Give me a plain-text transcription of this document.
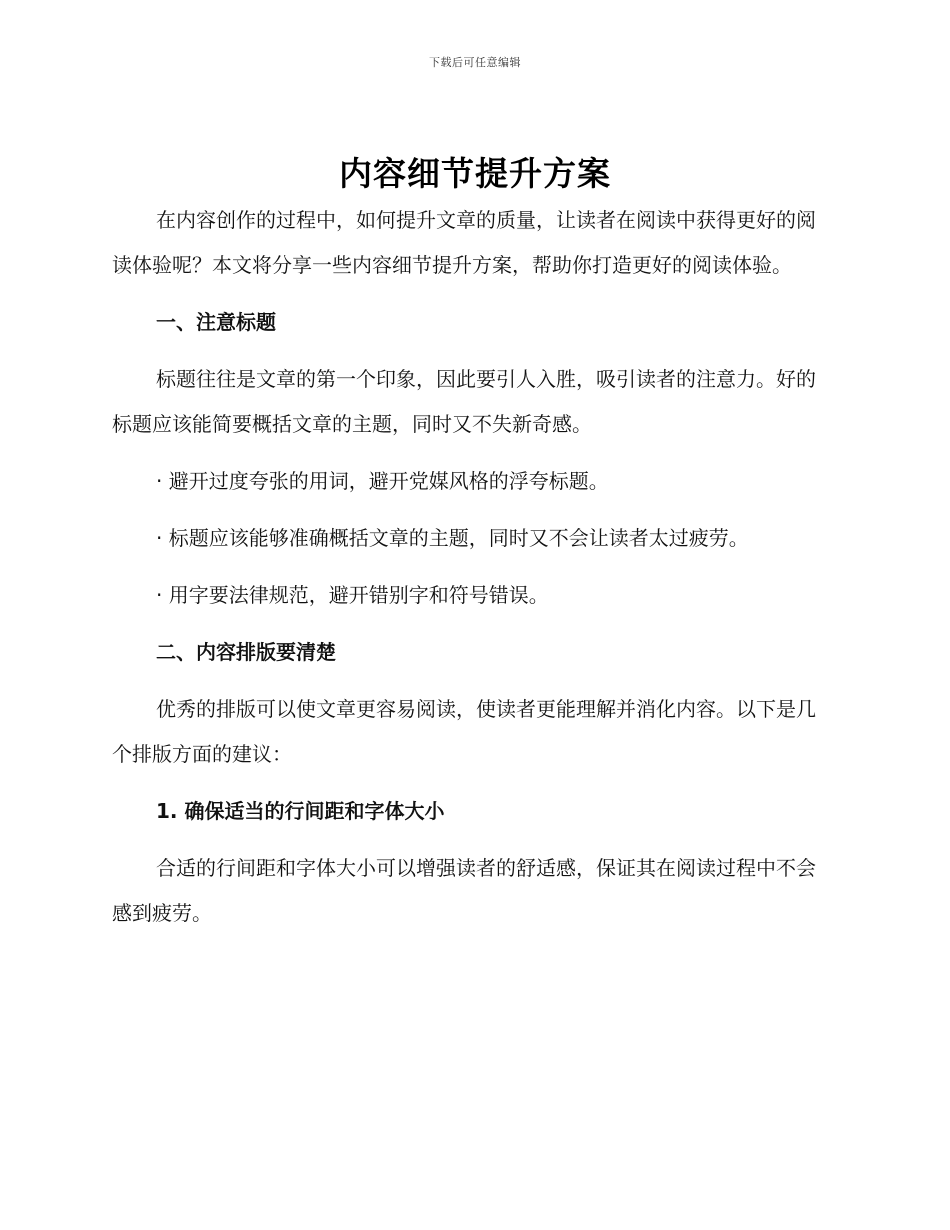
下载后可任意编辑
内容细节提升方案

在内容创作的过程中，如何提升文章的质量，让读者在阅读中获得更好的阅读体验呢？本文将分享一些内容细节提升方案，帮助你打造更好的阅读体验。

一、注意标题

标题往往是文章的第一个印象，因此要引人入胜，吸引读者的注意力。好的标题应该能简要概括文章的主题，同时又不失新奇感。

· 避开过度夸张的用词，避开党媒风格的浮夸标题。

· 标题应该能够准确概括文章的主题，同时又不会让读者太过疲劳。

· 用字要法律规范，避开错别字和符号错误。

二、内容排版要清楚

优秀的排版可以使文章更容易阅读，使读者更能理解并消化内容。以下是几个排版方面的建议：

1. 确保适当的行间距和字体大小

合适的行间距和字体大小可以增强读者的舒适感，保证其在阅读过程中不会感到疲劳。
